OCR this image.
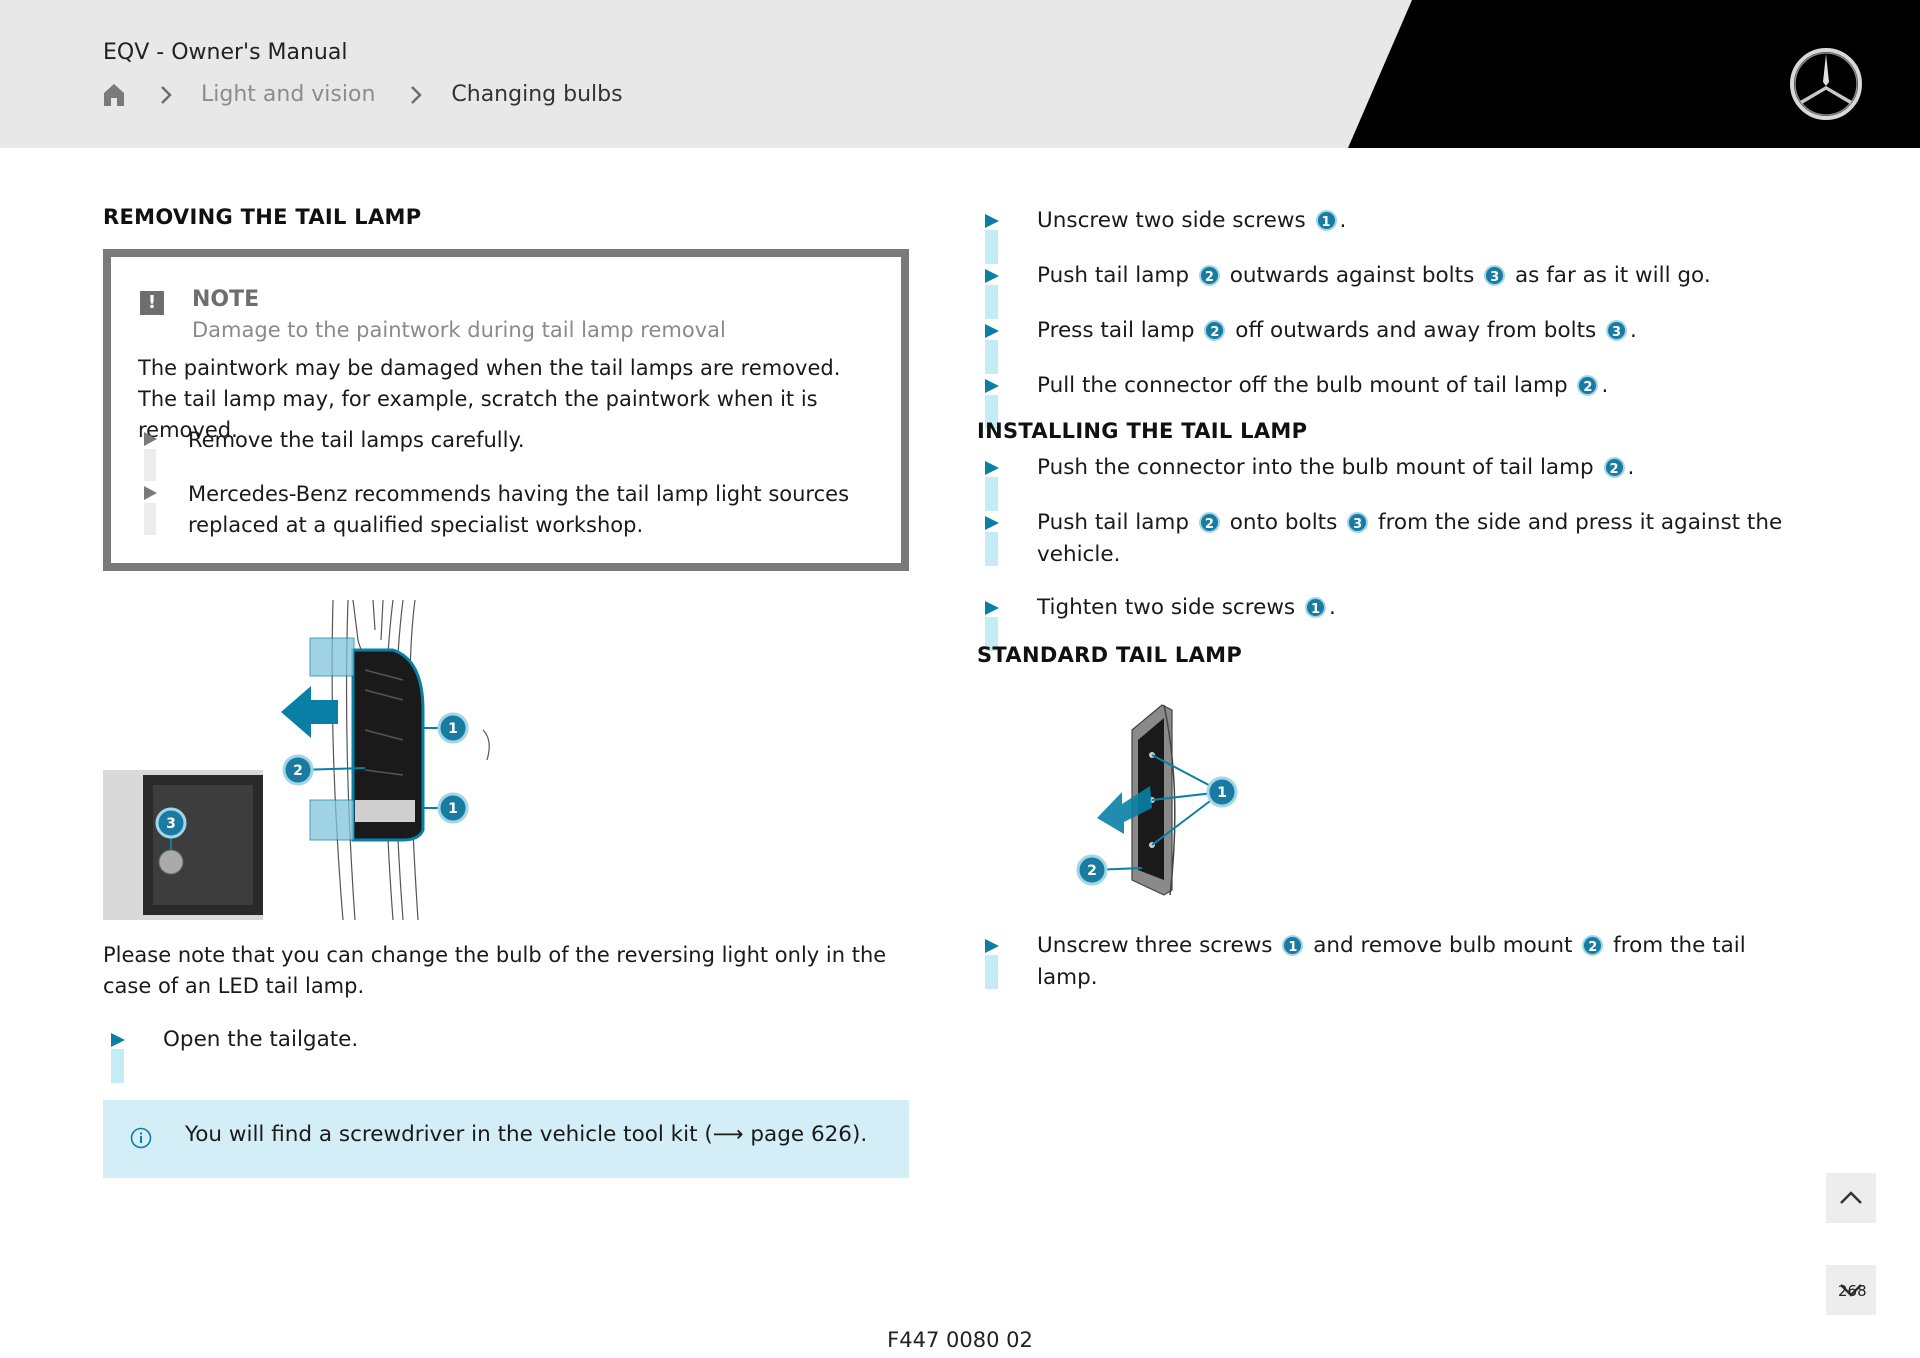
EQV - Owner's Manual
Light and vision	Changing bulbs
REMOVING THE TAIL LAMP
!	NOTE
Damage to the paintwork during tail lamp removal
The paintwork may be damaged when the tail lamps are removed. The tail lamp may, for example, scratch the paintwork when it is removed.
Remove the tail lamps carefully.
Mercedes-Benz recommends having the tail lamp light sources replaced at a qualified specialist workshop.
1
2
1
3
Please note that you can change the bulb of the reversing light only in the case of an LED tail lamp.
Open the tailgate.
You will find a screwdriver in the vehicle tool kit (⟶ page 626).
Unscrew two side screws 1 .
Push tail lamp 2 outwards against bolts 3 as far as it will go.
Press tail lamp 2 off outwards and away from bolts 3 .
Pull the connector off the bulb mount of tail lamp 2 .
INSTALLING THE TAIL LAMP
Push the connector into the bulb mount of tail lamp 2 .
Push tail lamp 2 onto bolts 3 from the side and press it against the
vehicle.
Tighten two side screws 1 .
STANDARD TAIL LAMP
1
2
Unscrew three screws 1 and remove bulb mount 2 from the tail lamp.
268
F447 0080 02
